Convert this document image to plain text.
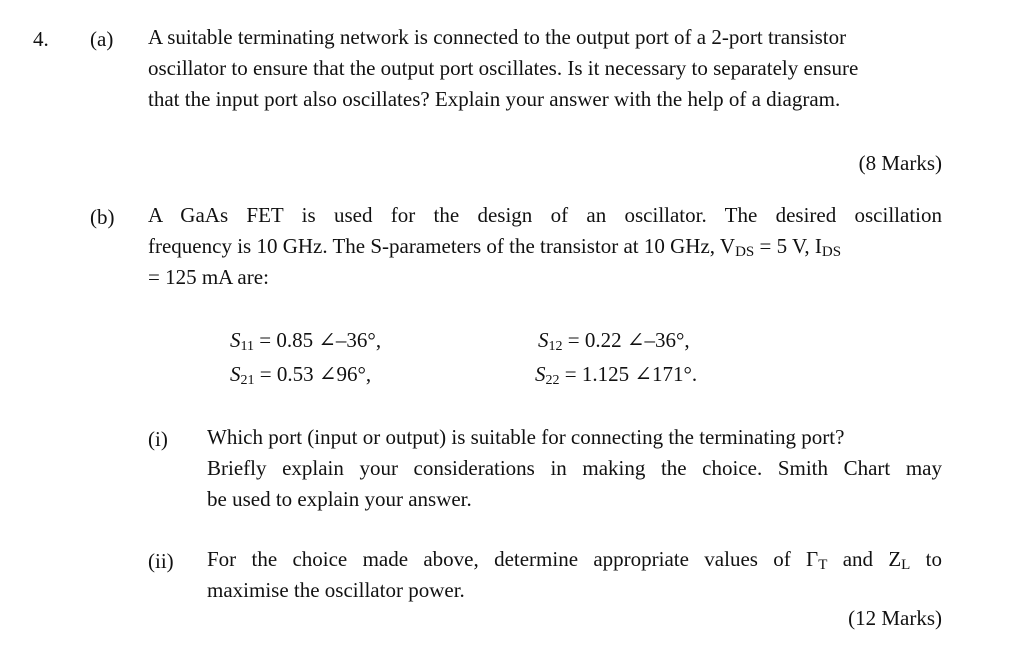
4. (a) A suitable terminating network is connected to the output port of a 2-port transistor
oscillator to ensure that the output port oscillates. Is it necessary to separately ensure
that the input port also oscillates? Explain your answer with the help of a diagram.
(8 Marks)
(b) A GaAs FET is used for the design of an oscillator. The desired oscillation
frequency is 10 GHz. The S-parameters of the transistor at 10 GHz, $V_{DS} = 5$ V, $I_{DS}$
= 125 mA are:
$S_{11} = 0.85$ ∠–36°,	$S_{12} = 0.22$ ∠–36°,
$S_{21} = 0.53$ ∠96°,	$S_{22} = 1.125$ ∠171°.
(i) Which port (input or output) is suitable for connecting the terminating port?
Briefly explain your considerations in making the choice. Smith Chart may
be used to explain your answer.
(ii) For the choice made above, determine appropriate values of $\Gamma_T$ and $Z_L$ to
maximise the oscillator power.
(12 Marks)
